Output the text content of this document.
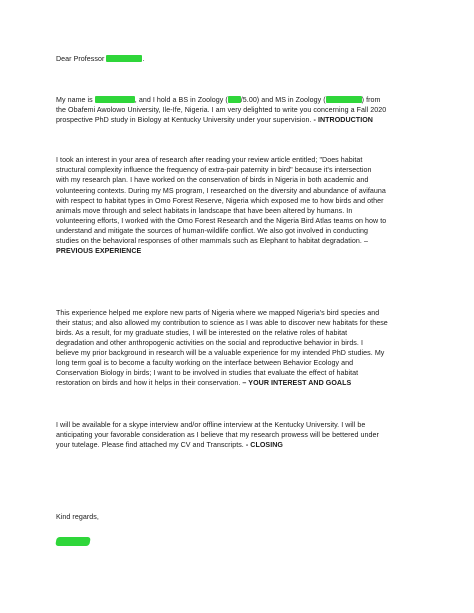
Dear Professor	.
My name is	, and I hold a BS in Zoology ( /5.00) and MS in Zoology (	) from
the Obafemi Awolowo University, Ile-Ife, Nigeria. I am very delighted to write you concerning a Fall 2020
prospective PhD study in Biology at Kentucky University under your supervision. - INTRODUCTION
I took an interest in your area of research after reading your review article entitled; "Does habitat
structural complexity influence the frequency of extra-pair paternity in bird" because it's intersection
with my research plan. I have worked on the conservation of birds in Nigeria in both academic and
volunteering contexts. During my MS program, I researched on the diversity and abundance of avifauna
with respect to habitat types in Omo Forest Reserve, Nigeria which exposed me to how birds and other
animals move through and select habitats in landscape that have been altered by humans. In
volunteering efforts, I worked with the Omo Forest Research and the Nigeria Bird Atlas teams on how to
understand and mitigate the sources of human-wildlife conflict. We also got involved in conducting
studies on the behavioral responses of other mammals such as Elephant to habitat degradation. –
PREVIOUS EXPERIENCE
This experience helped me explore new parts of Nigeria where we mapped Nigeria's bird species and
their status; and also allowed my contribution to science as I was able to discover new habitats for these
birds. As a result, for my graduate studies, I will be interested on the relative roles of habitat
degradation and other anthropogenic activities on the social and reproductive behavior in birds. I
believe my prior background in research will be a valuable experience for my intended PhD studies. My
long term goal is to become a faculty working on the interface between Behavior Ecology and
Conservation Biology in birds; I want to be involved in studies that evaluate the effect of habitat
restoration on birds and how it helps in their conservation. – YOUR INTEREST AND GOALS
I will be available for a skype interview and/or offline interview at the Kentucky University. I will be
anticipating your favorable consideration as I believe that my research prowess will be bettered under
your tutelage. Please find attached my CV and Transcripts. - CLOSING
Kind regards,
